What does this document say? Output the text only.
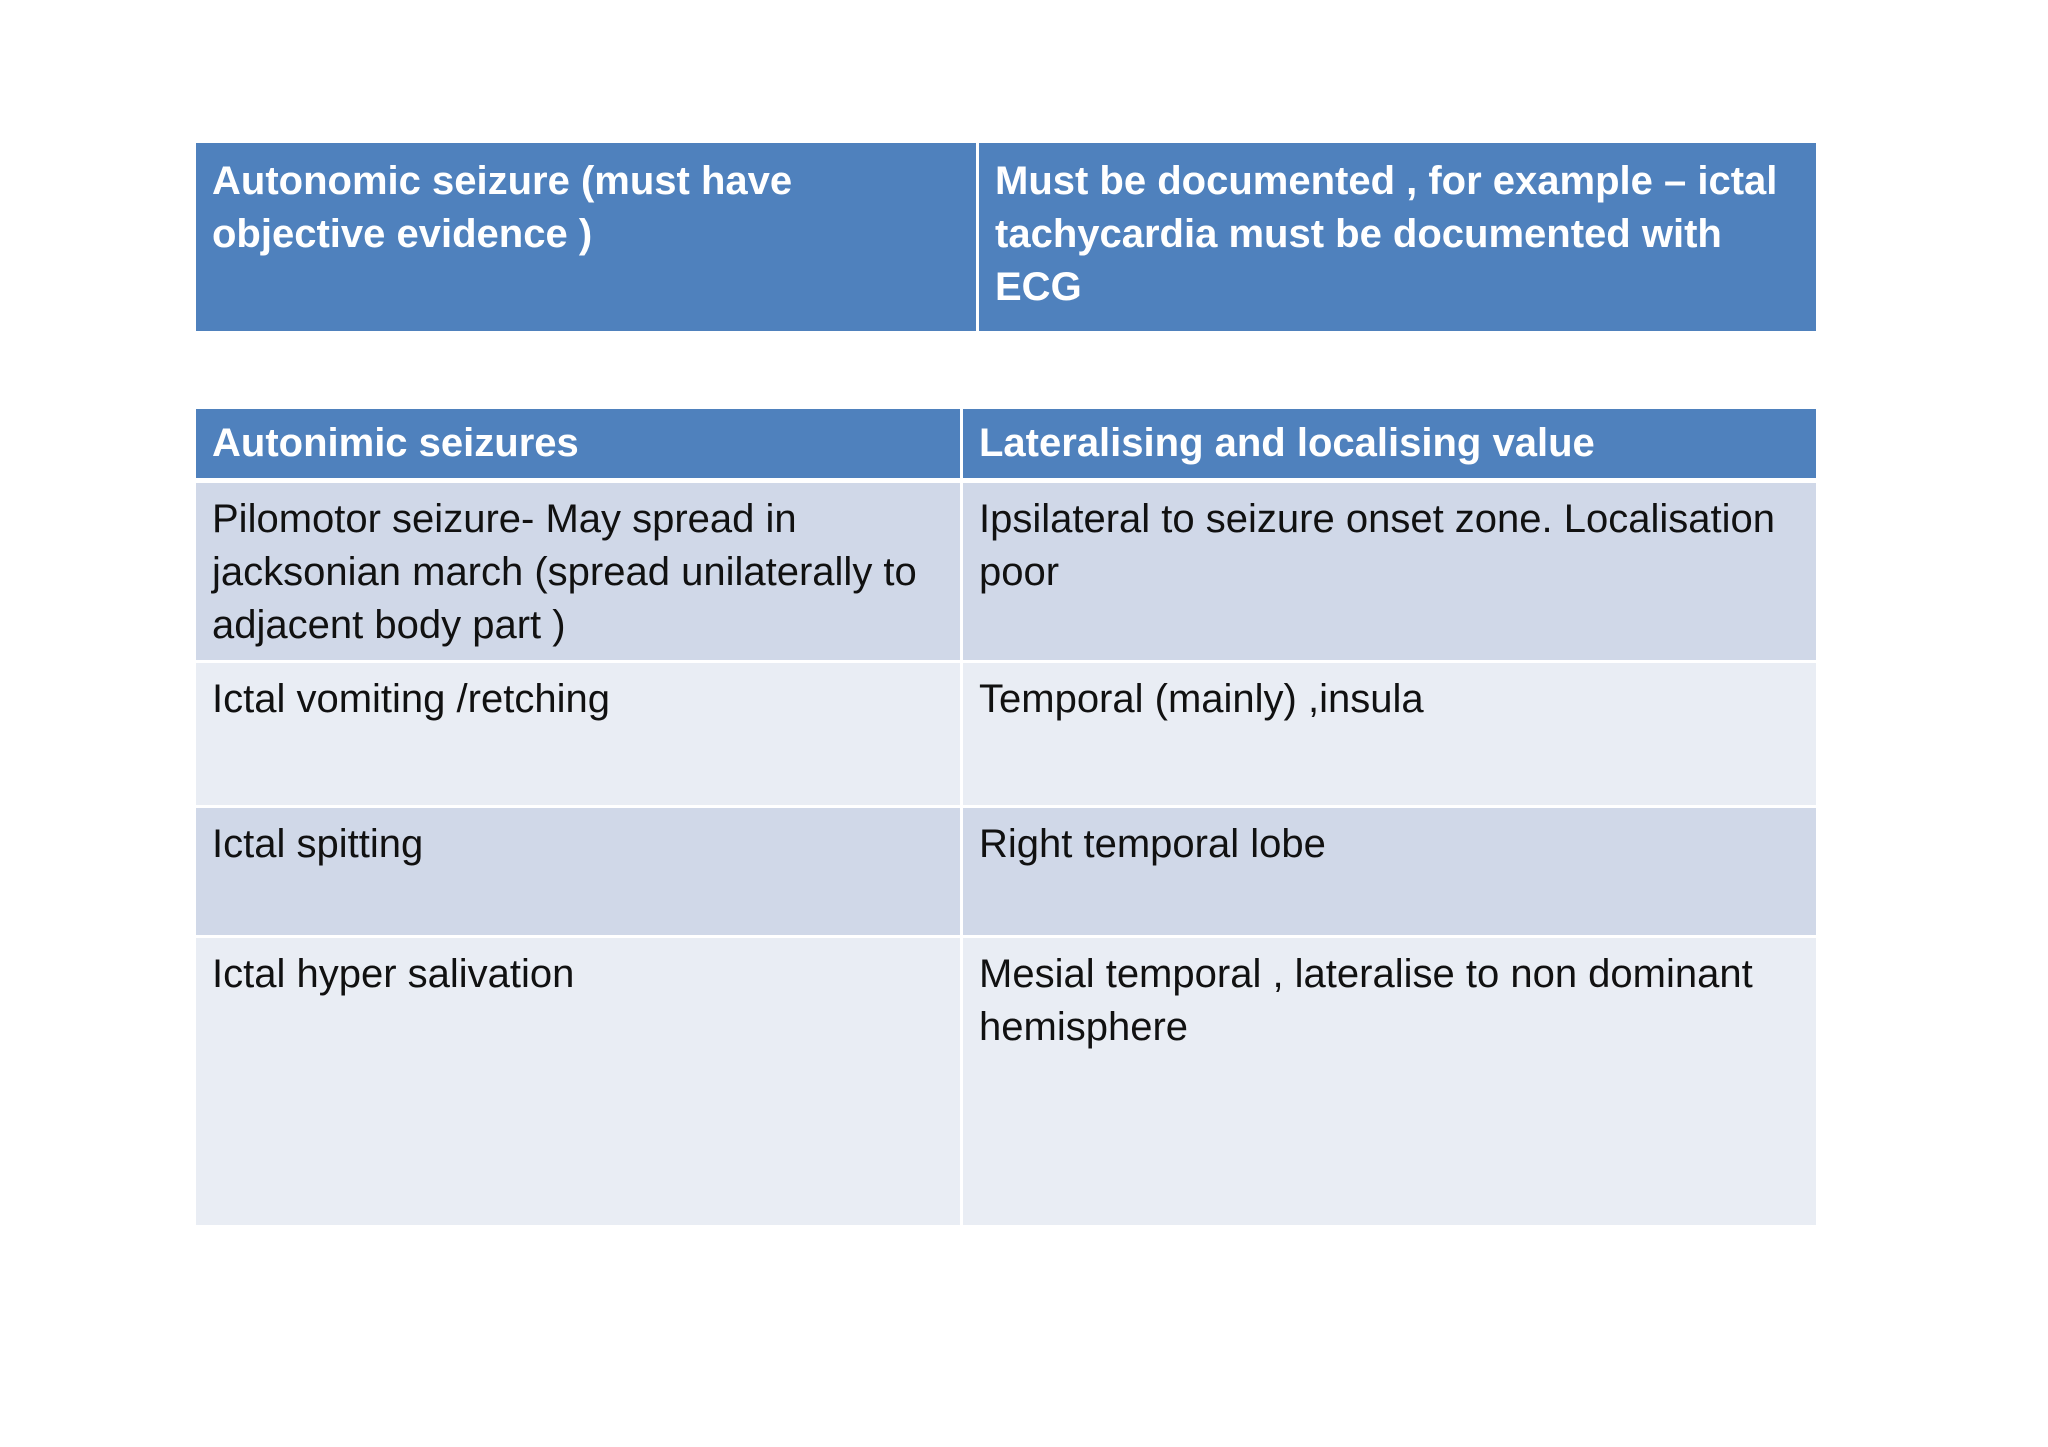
Autonomic seizure (must have objective evidence )	Must be documented , for example – ictal tachycardia must be documented with ECG
Autonimic seizures	Lateralising and localising value
Pilomotor seizure- May spread in jacksonian march (spread unilaterally to adjacent body part )	Ipsilateral to seizure onset zone. Localisation poor
Ictal vomiting /retching	Temporal (mainly) ,insula
Ictal spitting	Right temporal lobe
Ictal hyper salivation	Mesial temporal , lateralise to non dominant hemisphere
